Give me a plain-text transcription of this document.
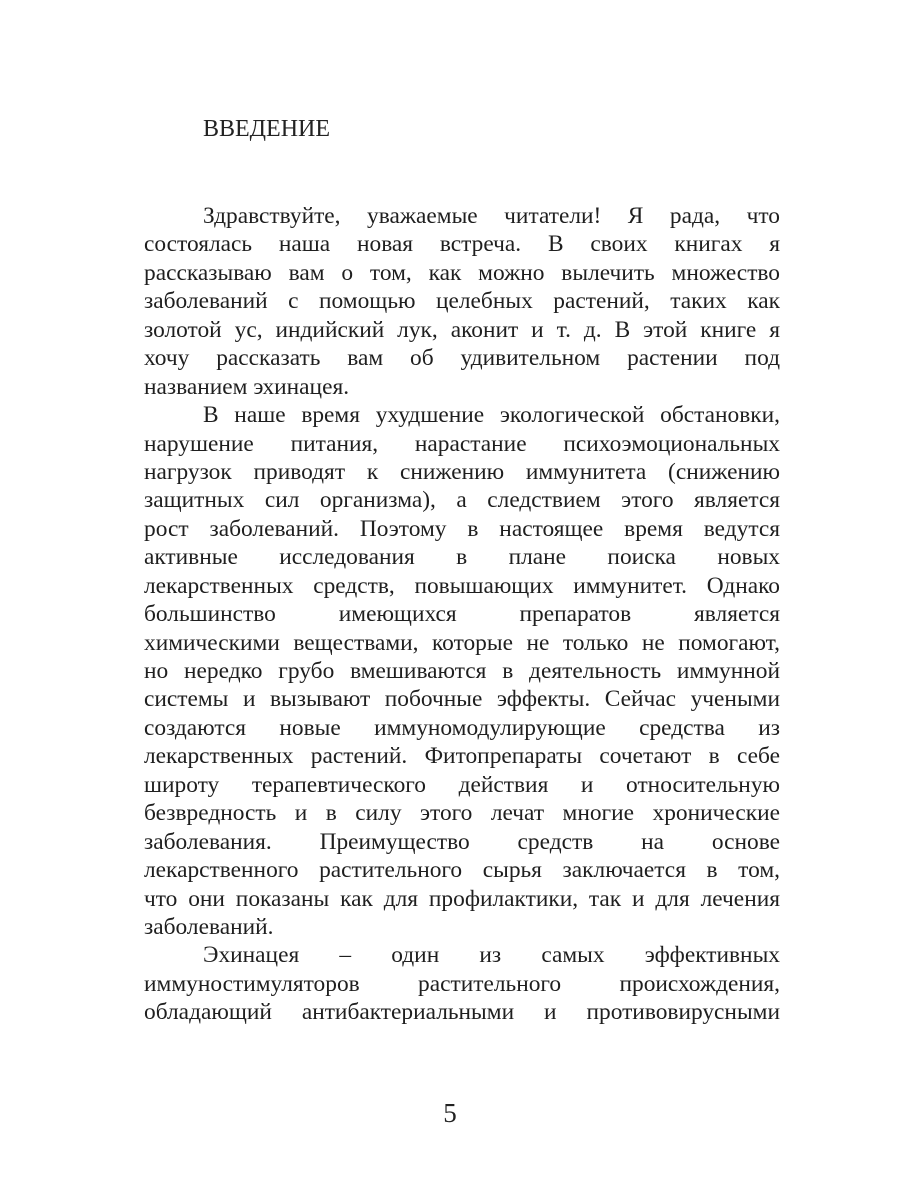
ВВЕДЕНИЕ
Здравствуйте, уважаемые читатели! Я рада, что
состоялась наша новая встреча. В своих книгах я
рассказываю вам о том, как можно вылечить множество
заболеваний с помощью целебных растений, таких как
золотой ус, индийский лук, аконит и т. д. В этой книге я
хочу рассказать вам об удивительном растении под
названием эхинацея.
В наше время ухудшение экологической обстановки,
нарушение питания, нарастание психоэмоциональных
нагрузок приводят к снижению иммунитета (снижению
защитных сил организма), а следствием этого является
рост заболеваний. Поэтому в настоящее время ведутся
активные исследования в плане поиска новых
лекарственных средств, повышающих иммунитет. Однако
большинство имеющихся препаратов является
химическими веществами, которые не только не помогают,
но нередко грубо вмешиваются в деятельность иммунной
системы и вызывают побочные эффекты. Сейчас учеными
создаются новые иммуномодулирующие средства из
лекарственных растений. Фитопрепараты сочетают в себе
широту терапевтического действия и относительную
безвредность и в силу этого лечат многие хронические
заболевания. Преимущество средств на основе
лекарственного растительного сырья заключается в том,
что они показаны как для профилактики, так и для лечения
заболеваний.
Эхинацея – один из самых эффективных
иммуностимуляторов растительного происхождения,
обладающий антибактериальными и противовирусными
5
